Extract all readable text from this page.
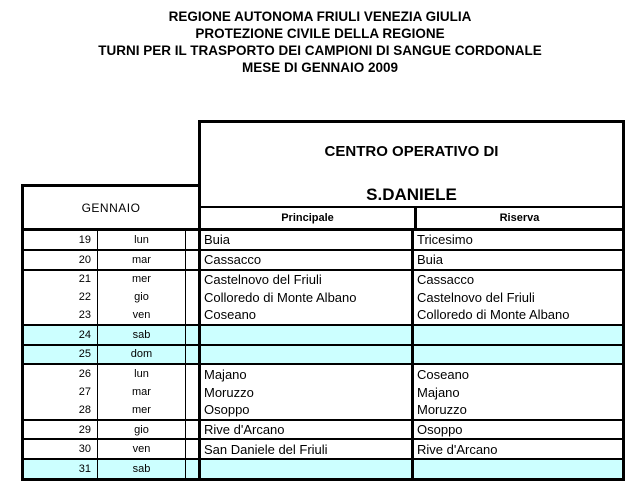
REGIONE AUTONOMA FRIULI VENEZIA GIULIA
PROTEZIONE CIVILE DELLA REGIONE
TURNI PER IL TRASPORTO DEI CAMPIONI DI SANGUE CORDONALE
MESE DI GENNAIO 2009
GENNAIO
CENTRO OPERATIVO DI
S.DANIELE
Principale	Riserva
19	lun	Buia	Tricesimo
20	mar	Cassacco	Buia
21	mer	Castelnovo del Friuli	Cassacco
22	gio	Colloredo di Monte Albano	Castelnovo del Friuli
23	ven	Coseano	Colloredo di Monte Albano
24	sab
25	dom
26	lun	Majano	Coseano
27	mar	Moruzzo	Majano
28	mer	Osoppo	Moruzzo
29	gio	Rive d'Arcano	Osoppo
30	ven	San Daniele del Friuli	Rive d'Arcano
31	sab
